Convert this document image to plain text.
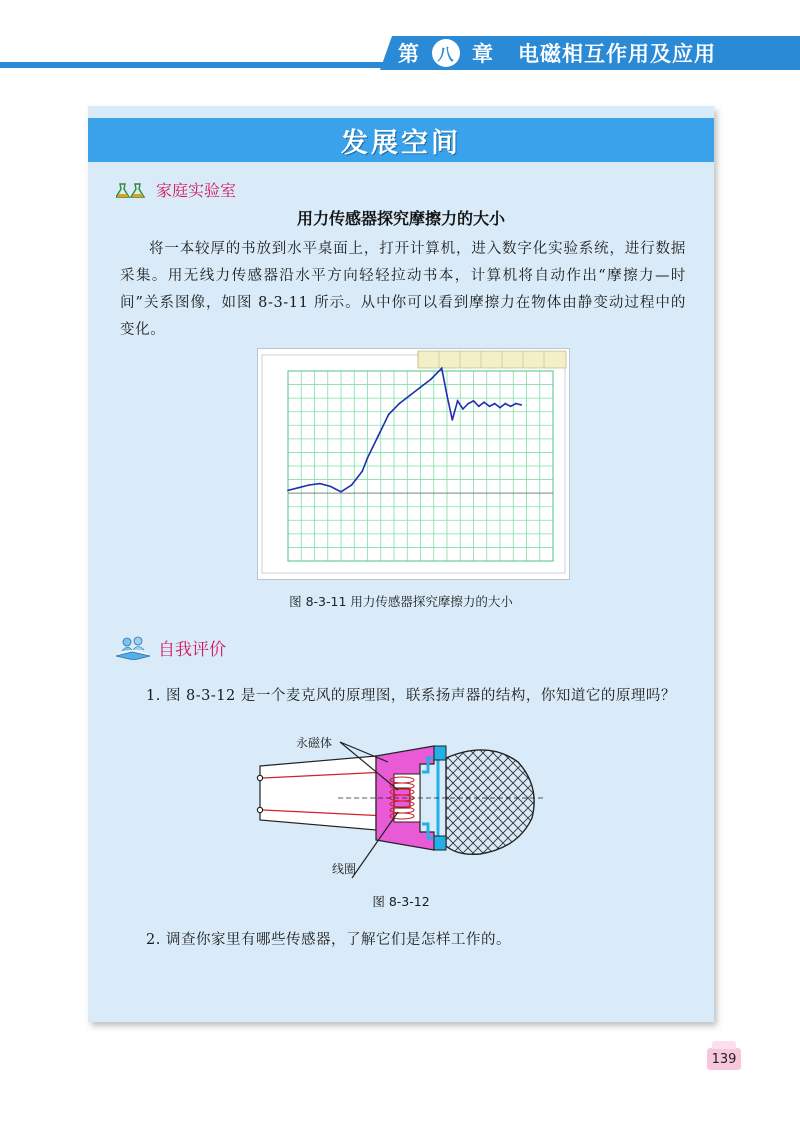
第	八 章 电磁相互作用及应用
发展空间
家庭实验室
用力传感器探究摩擦力的大小
将一本较厚的书放到水平桌面上，打开计算机，进入数字化实验系统，进行数据采集。用无线力传感器沿水平方向轻轻拉动书本，计算机将自动作出“摩擦力—时间”关系图像，如图 8-3-11 所示。从中你可以看到摩擦力在物体由静变动过程中的变化。
图 8-3-11 用力传感器探究摩擦力的大小
自我评价
1. 图 8-3-12 是一个麦克风的原理图，联系扬声器的结构，你知道它的原理吗？
永磁体
线圈
图 8-3-12
2. 调查你家里有哪些传感器，了解它们是怎样工作的。
139
